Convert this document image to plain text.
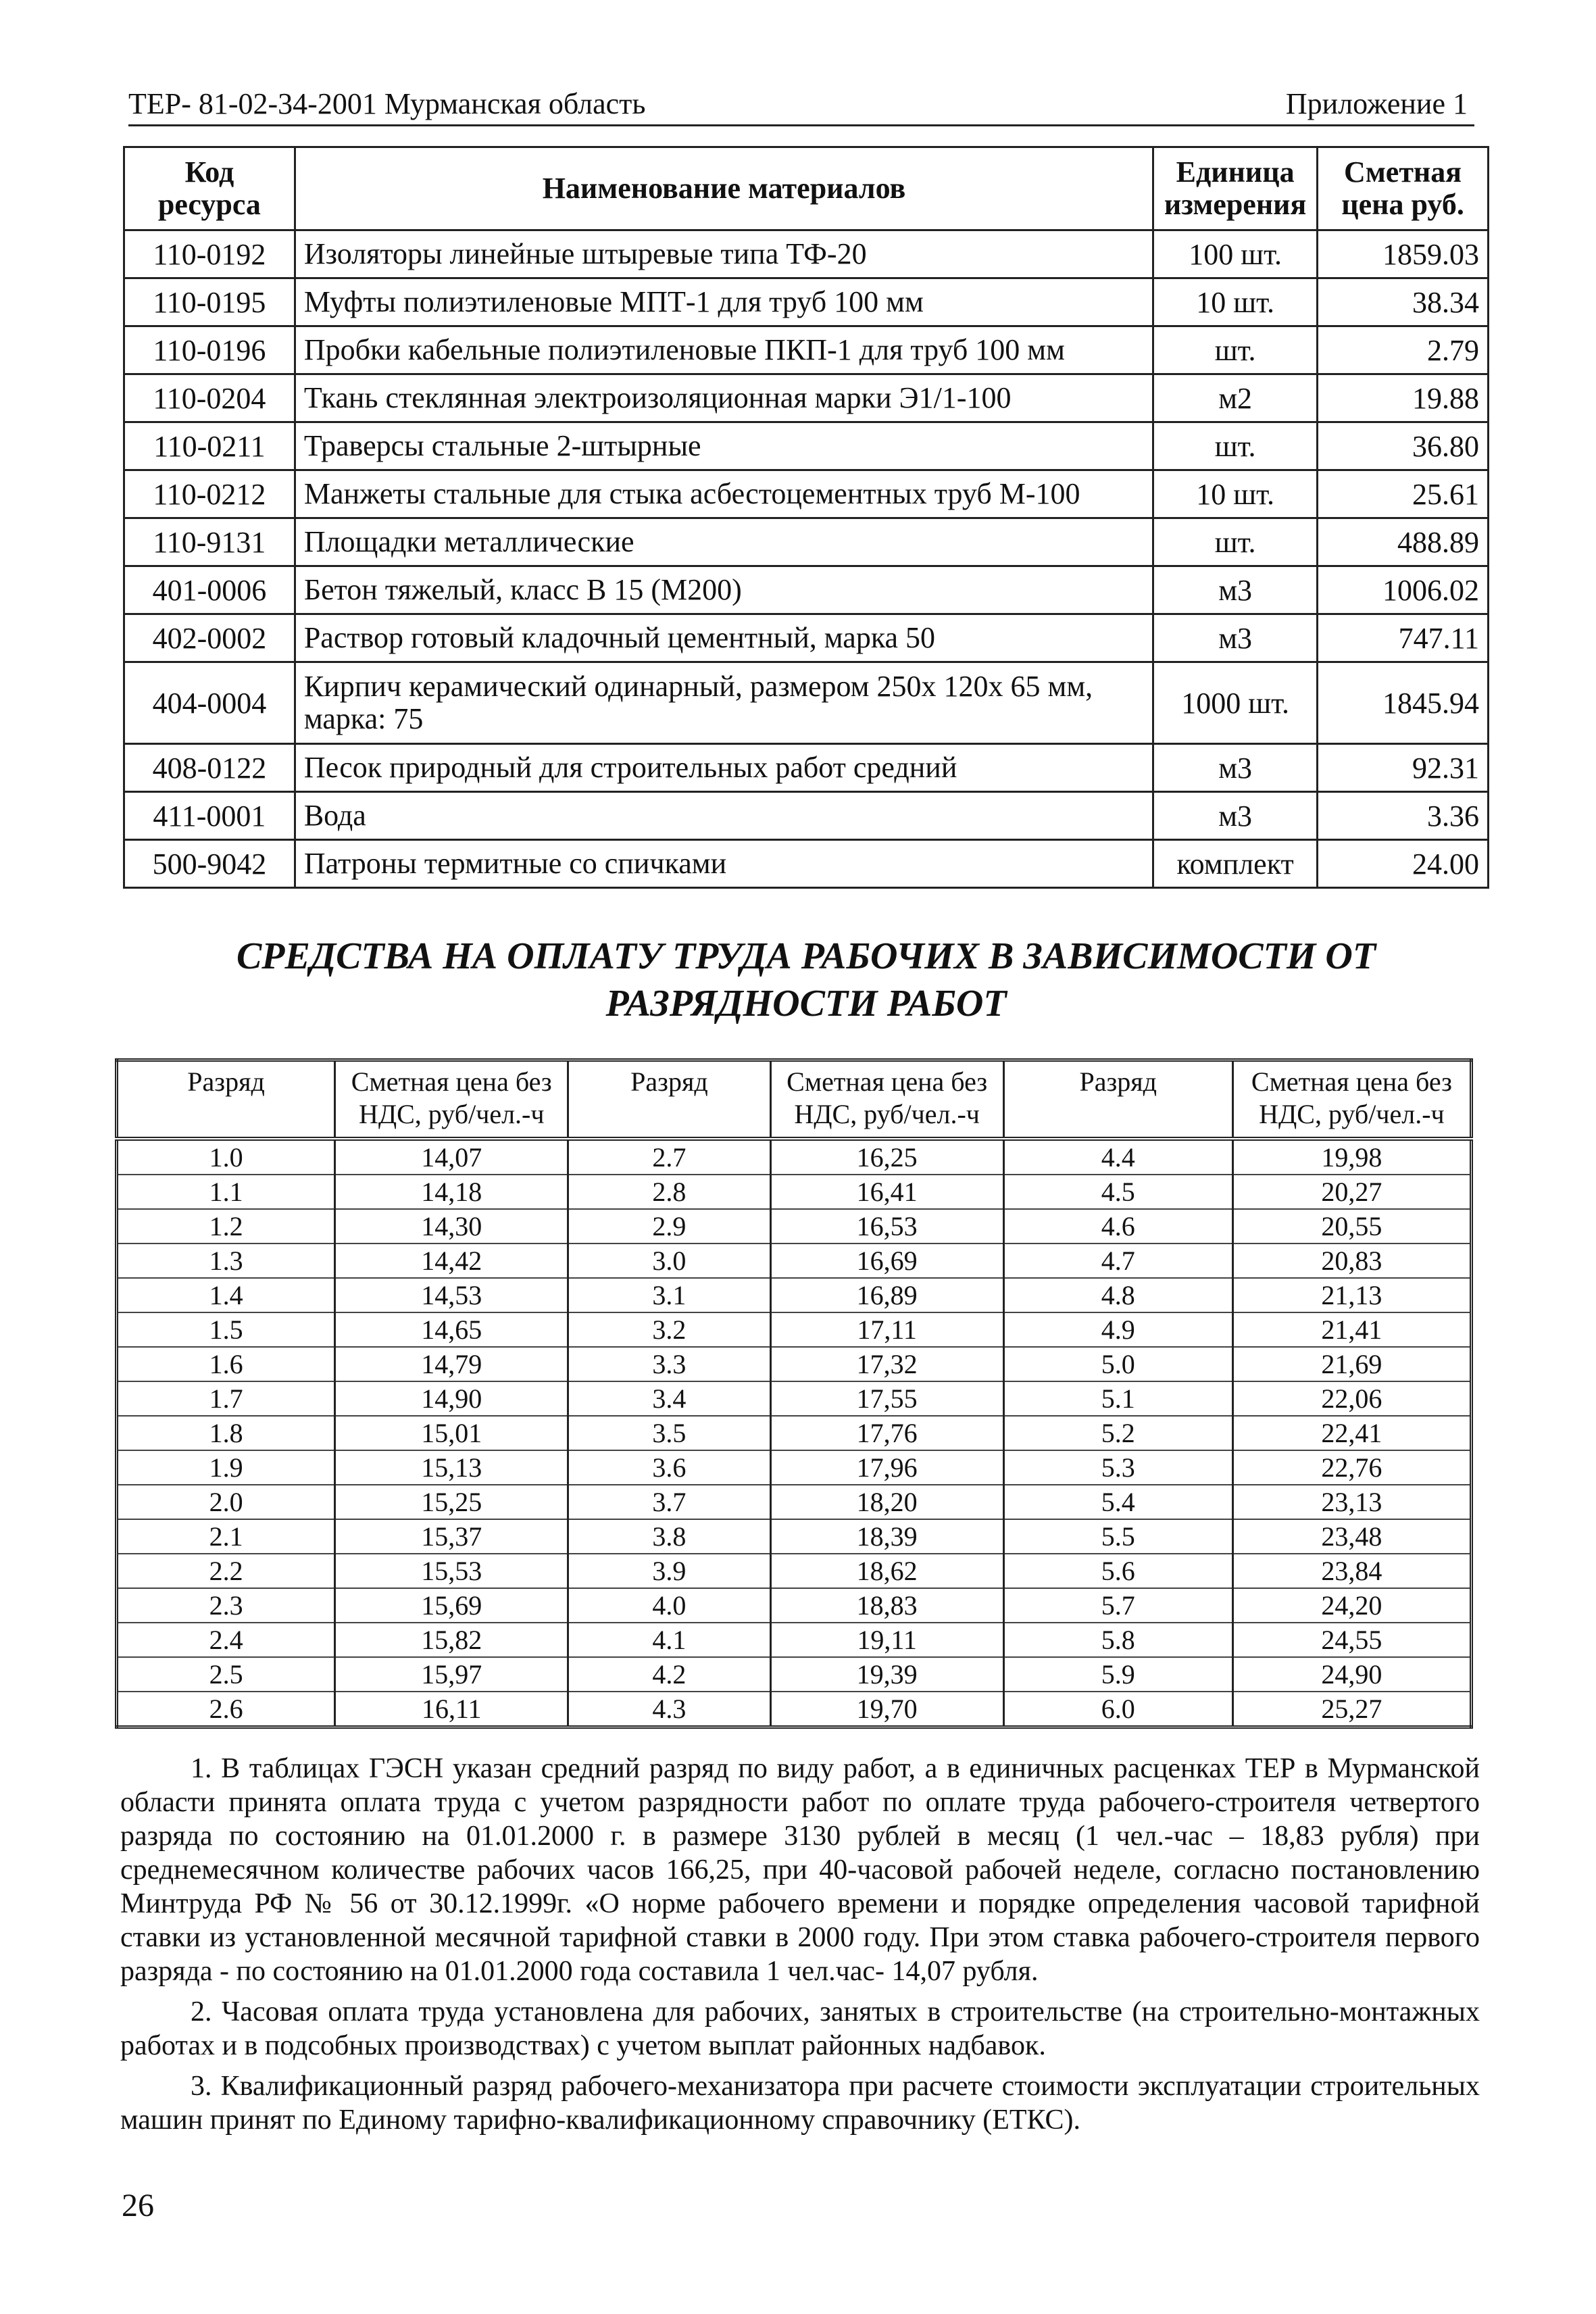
ТЕР- 81-02-34-2001 Мурманская область	Приложение 1
Код ресурса	Наименование материалов	Единица измерения	Сметная цена руб.
110-0192	Изоляторы линейные штыревые типа ТФ-20	100 шт.	1859.03
110-0195	Муфты полиэтиленовые МПТ-1 для труб 100 мм	10 шт.	38.34
110-0196	Пробки кабельные полиэтиленовые ПКП-1 для труб 100 мм	шт.	2.79
110-0204	Ткань стеклянная электроизоляционная марки Э1/1-100	м2	19.88
110-0211	Траверсы стальные 2-штырные	шт.	36.80
110-0212	Манжеты стальные для стыка асбестоцементных труб М-100	10 шт.	25.61
110-9131	Площадки металлические	шт.	488.89
401-0006	Бетон тяжелый, класс В 15 (М200)	м3	1006.02
402-0002	Раствор готовый кладочный цементный, марка 50	м3	747.11
404-0004	Кирпич керамический одинарный, размером 250х 120х 65 мм, марка: 75	1000 шт.	1845.94
408-0122	Песок природный для строительных работ средний	м3	92.31
411-0001	Вода	м3	3.36
500-9042	Патроны термитные со спичками	комплект	24.00
СРЕДСТВА НА ОПЛАТУ ТРУДА РАБОЧИХ В ЗАВИСИМОСТИ ОТ РАЗРЯДНОСТИ РАБОТ
Разряд	Сметная цена без НДС, руб/чел.-ч	Разряд	Сметная цена без НДС, руб/чел.-ч	Разряд	Сметная цена без НДС, руб/чел.-ч
1.0	14,07	2.7	16,25	4.4	19,98
1.1	14,18	2.8	16,41	4.5	20,27
1.2	14,30	2.9	16,53	4.6	20,55
1.3	14,42	3.0	16,69	4.7	20,83
1.4	14,53	3.1	16,89	4.8	21,13
1.5	14,65	3.2	17,11	4.9	21,41
1.6	14,79	3.3	17,32	5.0	21,69
1.7	14,90	3.4	17,55	5.1	22,06
1.8	15,01	3.5	17,76	5.2	22,41
1.9	15,13	3.6	17,96	5.3	22,76
2.0	15,25	3.7	18,20	5.4	23,13
2.1	15,37	3.8	18,39	5.5	23,48
2.2	15,53	3.9	18,62	5.6	23,84
2.3	15,69	4.0	18,83	5.7	24,20
2.4	15,82	4.1	19,11	5.8	24,55
2.5	15,97	4.2	19,39	5.9	24,90
2.6	16,11	4.3	19,70	6.0	25,27

1. В таблицах ГЭСН указан средний разряд по виду работ, а в единичных расценках ТЕР в Мурманской области принята оплата труда с учетом разрядности работ по оплате труда рабочего-строителя четвертого разряда по состоянию на 01.01.2000 г. в размере 3130 рублей в месяц (1 чел.-час – 18,83 рубля) при среднемесячном количестве рабочих часов 166,25, при 40-часовой рабочей неделе, согласно постановлению Минтруда РФ № 56 от 30.12.1999г. «О норме рабочего времени и порядке определения часовой тарифной ставки из установленной месячной тарифной ставки в 2000 году. При этом ставка рабочего-строителя первого разряда - по состоянию на 01.01.2000 года составила 1 чел.час- 14,07 рубля.

2. Часовая оплата труда установлена для рабочих, занятых в строительстве (на строительно-монтажных работах и в подсобных производствах) с учетом выплат районных надбавок.

3. Квалификационный разряд рабочего-механизатора при расчете стоимости эксплуатации строительных машин принят по Единому тарифно-квалификационному справочнику (ЕТКС).

26
